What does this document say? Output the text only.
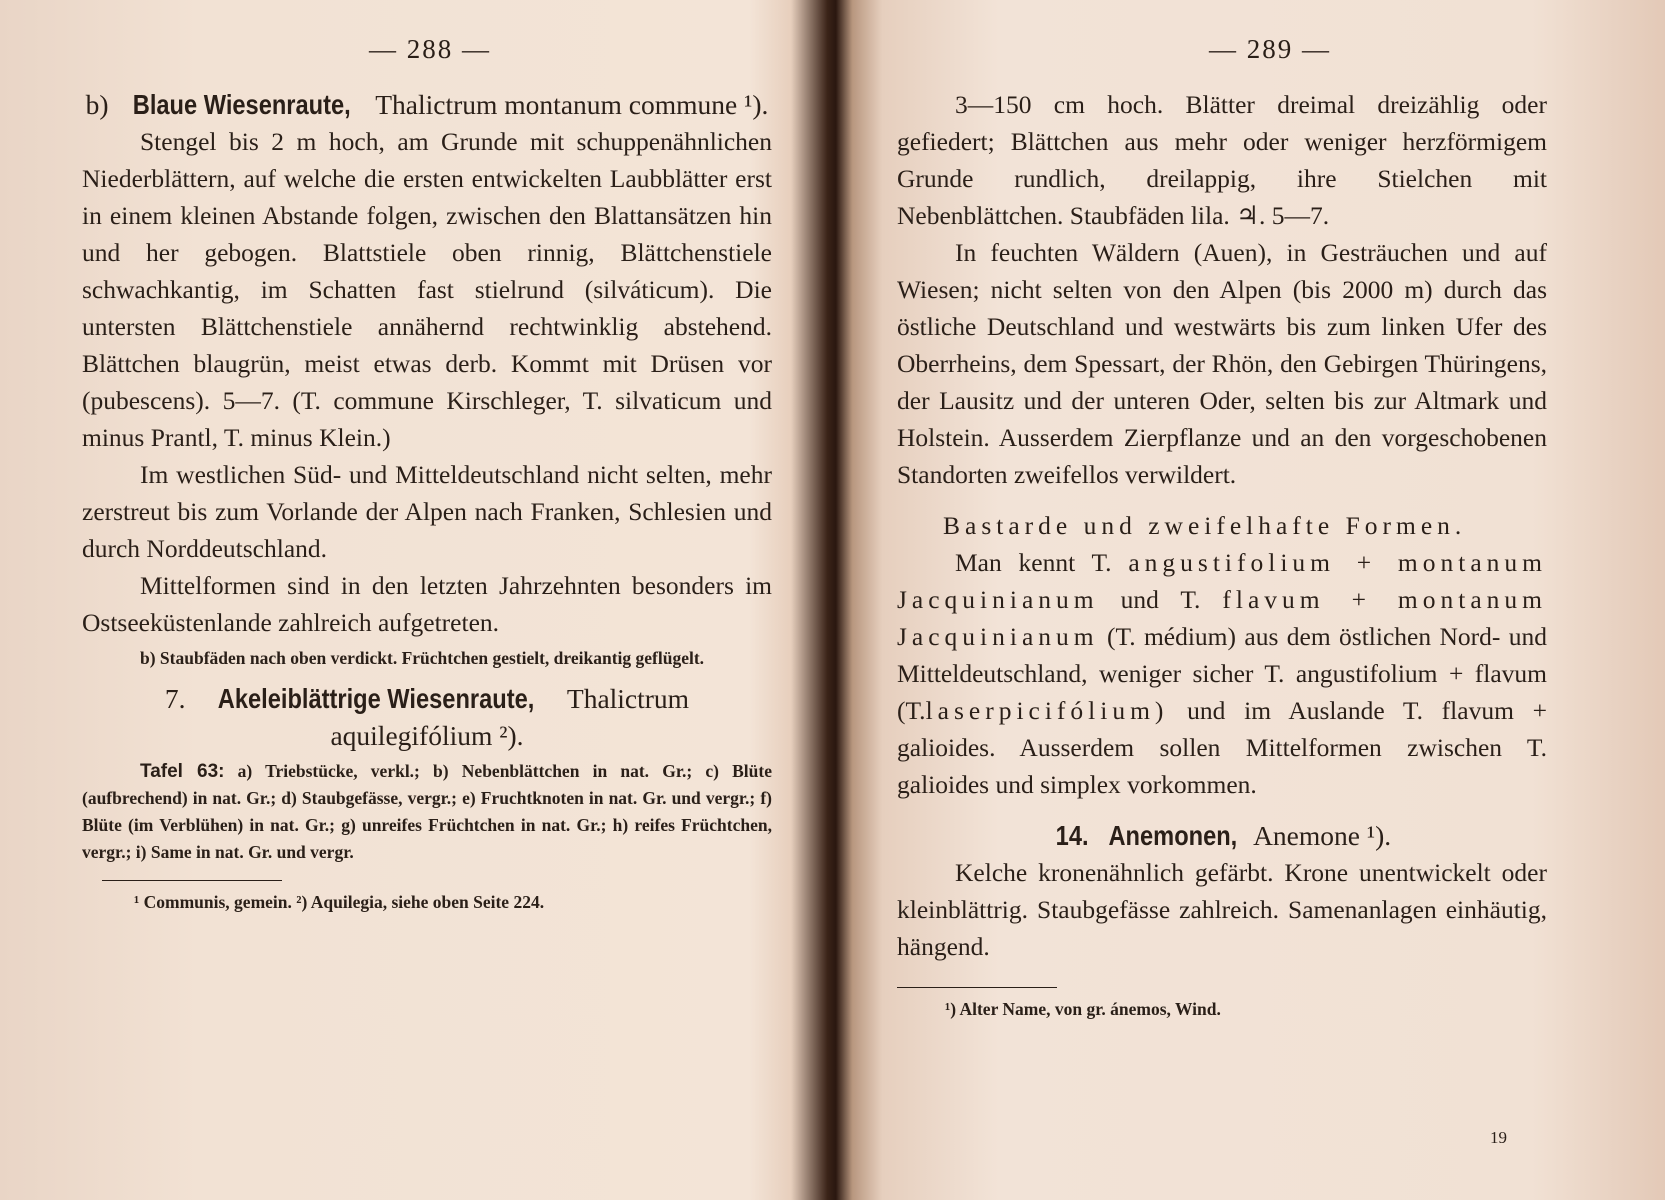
— 288 —
b) Blaue Wiesenraute, Thalictrum montanum commune ¹).

Stengel bis 2 m hoch, am Grunde mit schuppenähnlichen Niederblättern, auf welche die ersten entwickelten Laubblätter erst in einem kleinen Abstande folgen, zwischen den Blattansätzen hin und her gebogen. Blattstiele oben rinnig, Blättchenstiele schwachkantig, im Schatten fast stielrund (silváticum). Die untersten Blättchenstiele annähernd rechtwinklig abstehend. Blättchen blaugrün, meist etwas derb. Kommt mit Drüsen vor (pubescens). 5—7. (T. commune Kirschleger, T. silvaticum und minus Prantl, T. minus Klein.)

Im westlichen Süd- und Mitteldeutschland nicht selten, mehr zerstreut bis zum Vorlande der Alpen nach Franken, Schlesien und durch Norddeutschland.

Mittelformen sind in den letzten Jahrzehnten besonders im Ostseeküstenlande zahlreich aufgetreten.

b) Staubfäden nach oben verdickt. Früchtchen gestielt, dreikantig geflügelt.
7. Akeleiblättrige Wiesenraute, Thalictrum aquilegifólium ²).
Tafel 63: a) Triebstücke, verkl.; b) Nebenblättchen in nat. Gr.; c) Blüte (aufbrechend) in nat. Gr.; d) Staubgefässe, vergr.; e) Fruchtknoten in nat. Gr. und vergr.; f) Blüte (im Verblühen) in nat. Gr.; g) unreifes Früchtchen in nat. Gr.; h) reifes Früchtchen, vergr.; i) Same in nat. Gr. und vergr.
¹ Communis, gemein. ²) Aquilegia, siehe oben Seite 224.
— 289 —

3—150 cm hoch. Blätter dreimal dreizählig oder gefiedert; Blättchen aus mehr oder weniger herzförmigem Grunde rundlich, dreilappig, ihre Stielchen mit Nebenblättchen. Staubfäden lila. ♃. 5—7.

In feuchten Wäldern (Auen), in Gesträuchen und auf Wiesen; nicht selten von den Alpen (bis 2000 m) durch das östliche Deutschland und westwärts bis zum linken Ufer des Oberrheins, dem Spessart, der Rhön, den Gebirgen Thüringens, der Lausitz und der unteren Oder, selten bis zur Altmark und Holstein. Ausserdem Zierpflanze und an den vorgeschobenen Standorten zweifellos verwildert.

Bastarde und zweifelhafte Formen.

Man kennt T. angustifolium + montanum Jacquinianum und T. flavum + montanum Jacquinianum (T. médium) aus dem östlichen Nord- und Mitteldeutschland, weniger sicher T. angustifolium + flavum (T.laserpicifólium) und im Auslande T. flavum + galioides. Ausserdem sollen Mittelformen zwischen T. galioides und simplex vorkommen.

14. Anemonen, Anemone ¹).

Kelche kronenähnlich gefärbt. Krone unentwickelt oder kleinblättrig. Staubgefässe zahlreich. Samenanlagen einhäutig, hängend.

¹) Alter Name, von gr. ánemos, Wind.
19
